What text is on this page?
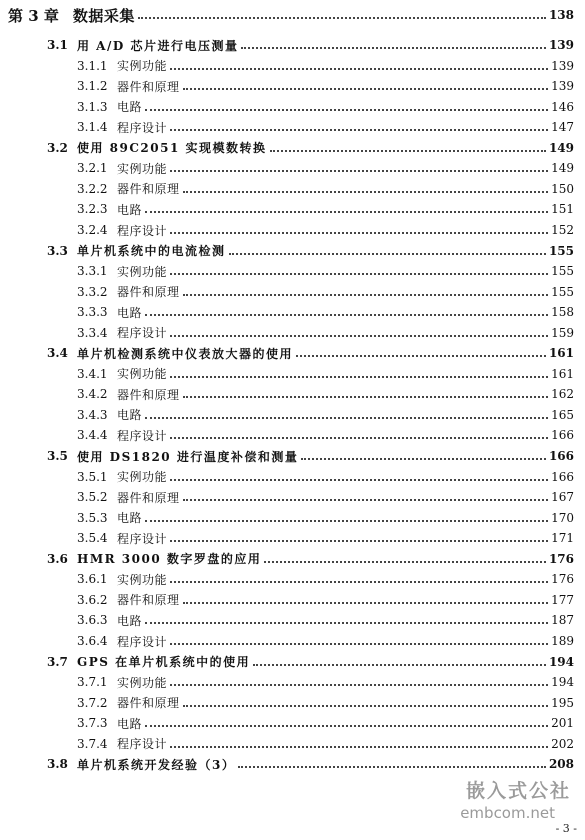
第 3 章 数据采集	138
3.1 用 A/D 芯片进行电压测量	139
3.1.1 实例功能	139
3.1.2 器件和原理	139
3.1.3 电路	146
3.1.4 程序设计	147
3.2 使用 89C2051 实现模数转换	149
3.2.1 实例功能	149
3.2.2 器件和原理	150
3.2.3 电路	151
3.2.4 程序设计	152
3.3 单片机系统中的电流检测	155
3.3.1 实例功能	155
3.3.2 器件和原理	155
3.3.3 电路	158
3.3.4 程序设计	159
3.4 单片机检测系统中仪表放大器的使用	161
3.4.1 实例功能	161
3.4.2 器件和原理	162
3.4.3 电路	165
3.4.4 程序设计	166
3.5 使用 DS1820 进行温度补偿和测量	166
3.5.1 实例功能	166
3.5.2 器件和原理	167
3.5.3 电路	170
3.5.4 程序设计	171
3.6 HMR 3000 数字罗盘的应用	176
3.6.1 实例功能	176
3.6.2 器件和原理	177
3.6.3 电路	187
3.6.4 程序设计	189
3.7 GPS 在单片机系统中的使用	194
3.7.1 实例功能	194
3.7.2 器件和原理	195
3.7.3 电路	201
3.7.4 程序设计	202
3.8 单片机系统开发经验（3）	208
嵌入式公社
embcom.net
- 3 -
